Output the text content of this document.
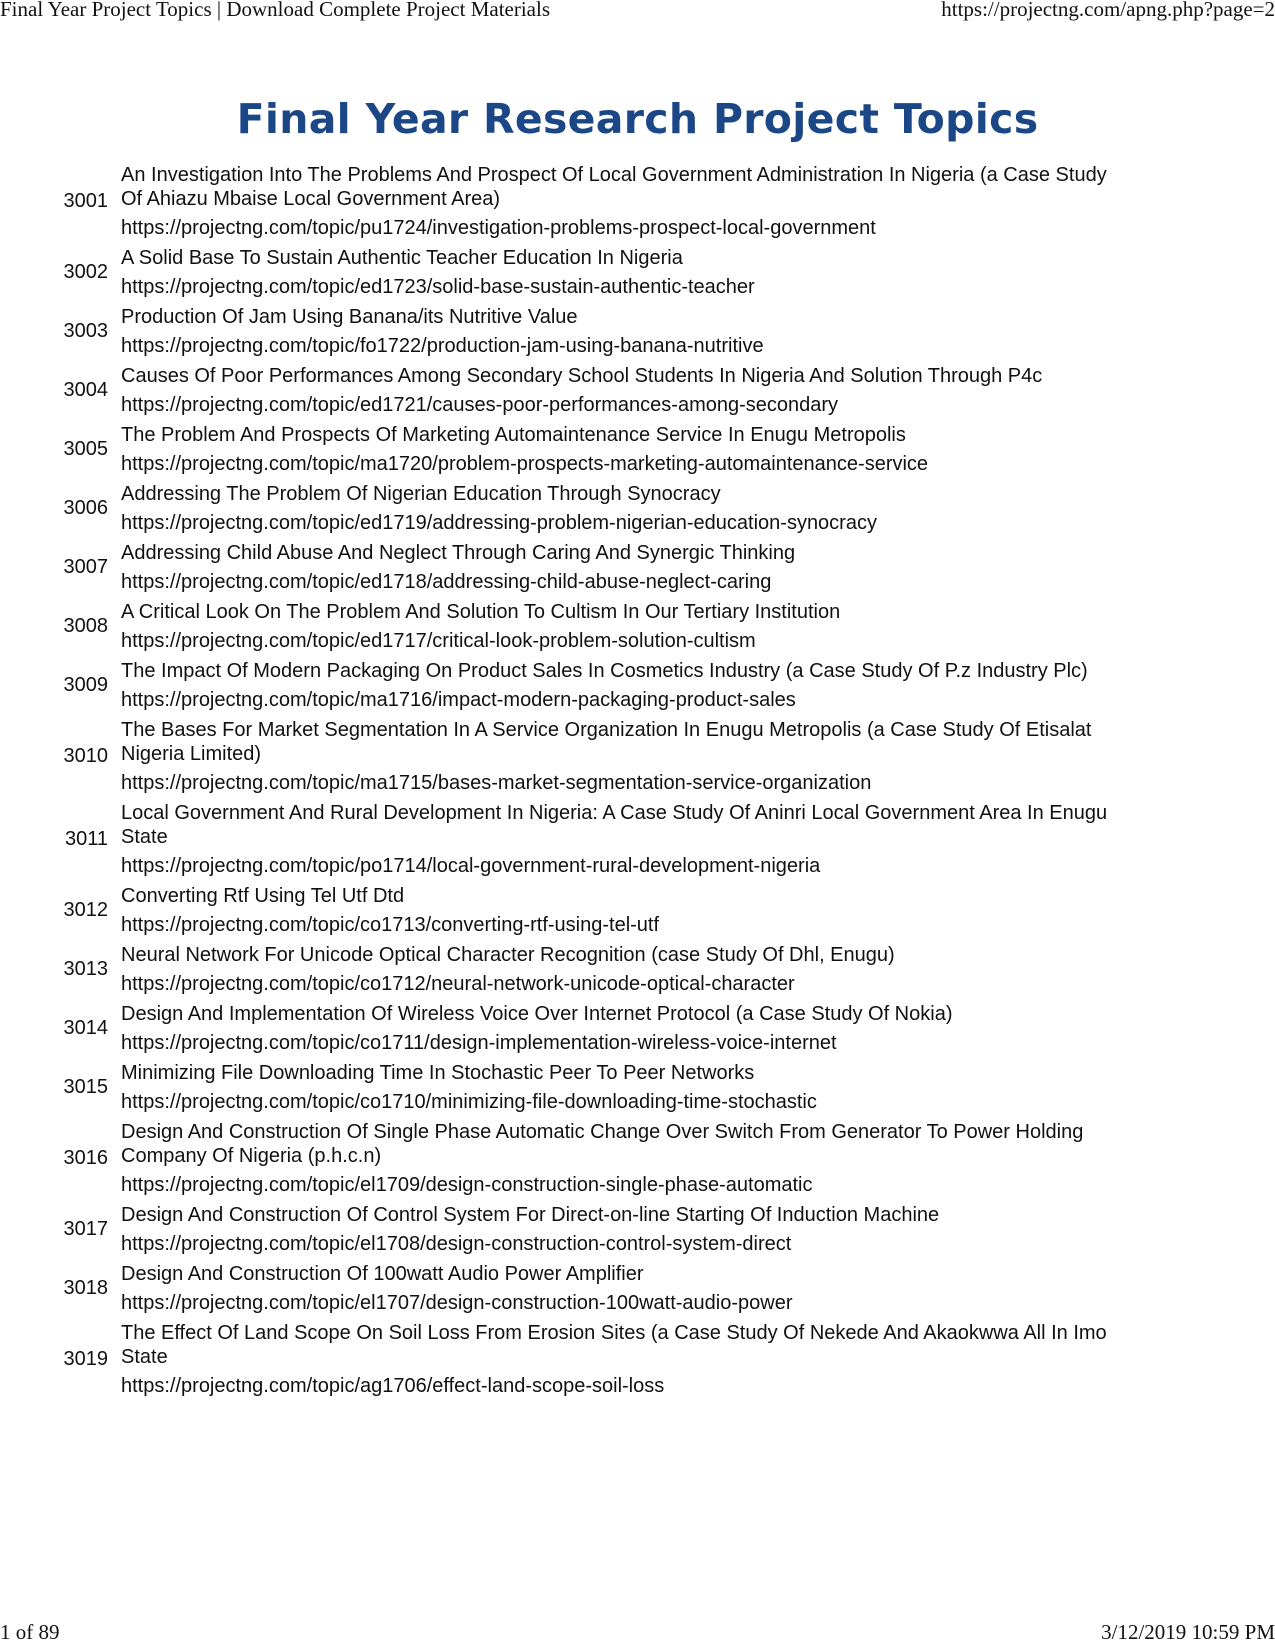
Final Year Project Topics | Download Complete Project Materials	https://projectng.com/apng.php?page=2
Final Year Research Project Topics
3001
An Investigation Into The Problems And Prospect Of Local Government Administration In Nigeria (a Case Study Of Ahiazu Mbaise Local Government Area)
https://projectng.com/topic/pu1724/investigation-problems-prospect-local-government
3002
A Solid Base To Sustain Authentic Teacher Education In Nigeria
https://projectng.com/topic/ed1723/solid-base-sustain-authentic-teacher
3003
Production Of Jam Using Banana/its Nutritive Value
https://projectng.com/topic/fo1722/production-jam-using-banana-nutritive
3004
Causes Of Poor Performances Among Secondary School Students In Nigeria And Solution Through P4c
https://projectng.com/topic/ed1721/causes-poor-performances-among-secondary
3005
The Problem And Prospects Of Marketing Automaintenance Service In Enugu Metropolis
https://projectng.com/topic/ma1720/problem-prospects-marketing-automaintenance-service
3006
Addressing The Problem Of Nigerian Education Through Synocracy
https://projectng.com/topic/ed1719/addressing-problem-nigerian-education-synocracy
3007
Addressing Child Abuse And Neglect Through Caring And Synergic Thinking
https://projectng.com/topic/ed1718/addressing-child-abuse-neglect-caring
3008
A Critical Look On The Problem And Solution To Cultism In Our Tertiary Institution
https://projectng.com/topic/ed1717/critical-look-problem-solution-cultism
3009
The Impact Of Modern Packaging On Product Sales In Cosmetics Industry (a Case Study Of P.z Industry Plc)
https://projectng.com/topic/ma1716/impact-modern-packaging-product-sales
3010
The Bases For Market Segmentation In A Service Organization In Enugu Metropolis (a Case Study Of Etisalat Nigeria Limited)
https://projectng.com/topic/ma1715/bases-market-segmentation-service-organization
3011
Local Government And Rural Development In Nigeria: A Case Study Of Aninri Local Government Area In Enugu State
https://projectng.com/topic/po1714/local-government-rural-development-nigeria
3012
Converting Rtf Using Tel Utf Dtd
https://projectng.com/topic/co1713/converting-rtf-using-tel-utf
3013
Neural Network For Unicode Optical Character Recognition (case Study Of Dhl, Enugu)
https://projectng.com/topic/co1712/neural-network-unicode-optical-character
3014
Design And Implementation Of Wireless Voice Over Internet Protocol (a Case Study Of Nokia)
https://projectng.com/topic/co1711/design-implementation-wireless-voice-internet
3015
Minimizing File Downloading Time In Stochastic Peer To Peer Networks
https://projectng.com/topic/co1710/minimizing-file-downloading-time-stochastic
3016
Design And Construction Of Single Phase Automatic Change Over Switch From Generator To Power Holding Company Of Nigeria (p.h.c.n)
https://projectng.com/topic/el1709/design-construction-single-phase-automatic
3017
Design And Construction Of Control System For Direct-on-line Starting Of Induction Machine
https://projectng.com/topic/el1708/design-construction-control-system-direct
3018
Design And Construction Of 100watt Audio Power Amplifier
https://projectng.com/topic/el1707/design-construction-100watt-audio-power
3019
The Effect Of Land Scope On Soil Loss From Erosion Sites (a Case Study Of Nekede And Akaokwwa All In Imo State
https://projectng.com/topic/ag1706/effect-land-scope-soil-loss
1 of 89	3/12/2019 10:59 PM
